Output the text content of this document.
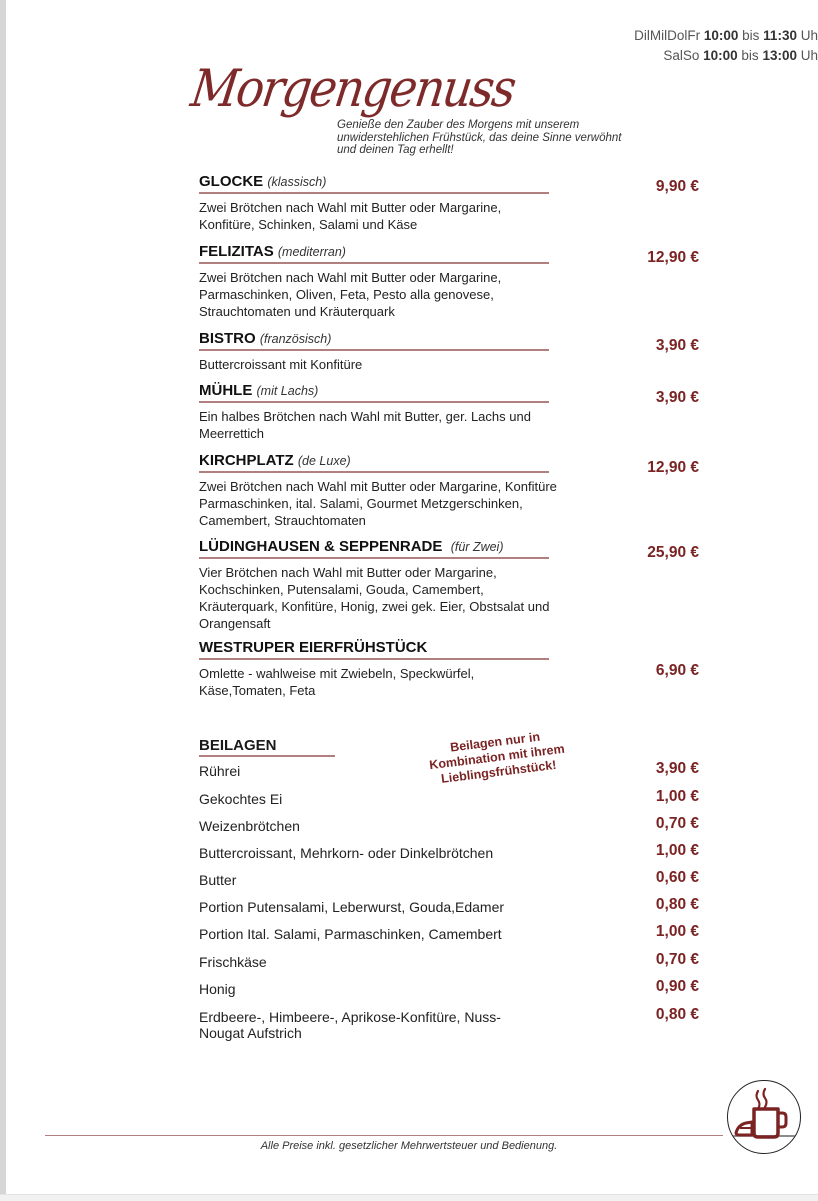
DilMilDolFr 10:00 bis 11:30 Uh
SalSo 10:00 bis 13:00 Uh
Morgengenuss
Genieße den Zauber des Morgens mit unserem unwiderstehlichen Frühstück, das deine Sinne verwöhnt und deinen Tag erhellt!
GLOCKE (klassisch)
Zwei Brötchen nach Wahl mit Butter oder Margarine, Konfitüre, Schinken, Salami und Käse
9,90 €
FELIZITAS (mediterran)
Zwei Brötchen nach Wahl mit Butter oder Margarine, Parmaschinken, Oliven, Feta, Pesto alla genovese, Strauchtomaten und Kräuterquark
12,90 €
BISTRO (französisch)
Buttercroissant mit Konfitüre
3,90 €
MÜHLE (mit Lachs)
Ein halbes Brötchen nach Wahl mit Butter, ger. Lachs und Meerrettich
3,90 €
KIRCHPLATZ (de Luxe)
Zwei Brötchen nach Wahl mit Butter oder Margarine, Konfitüre Parmaschinken, ital. Salami, Gourmet Metzgerschinken, Camembert, Strauchtomaten
12,90 €
LÜDINGHAUSEN & SEPPENRADE (für Zwei)
Vier Brötchen nach Wahl mit Butter oder Margarine, Kochschinken, Putensalami, Gouda, Camembert, Kräuterquark, Konfitüre, Honig, zwei gek. Eier, Obstsalat und Orangensaft
25,90 €
WESTRUPER EIERFRÜHSTÜCK
Omlette - wahlweise mit Zwiebeln, Speckwürfel, Käse,Tomaten, Feta
6,90 €
BEILAGEN	Beilagen nur in Kombination mit ihrem Lieblingsfrühstück!
Rührei	3,90 €
Gekochtes Ei	1,00 €
Weizenbrötchen	0,70 €
Buttercroissant, Mehrkorn- oder Dinkelbrötchen	1,00 €
Butter	0,60 €
Portion Putensalami, Leberwurst, Gouda,Edamer	0,80 €
Portion Ital. Salami, Parmaschinken, Camembert	1,00 €
Frischkäse	0,70 €
Honig	0,90 €
Erdbeere-, Himbeere-, Aprikose-Konfitüre, Nuss-Nougat Aufstrich
0,80 €
Alle Preise inkl. gesetzlicher Mehrwertsteuer und Bedienung.
